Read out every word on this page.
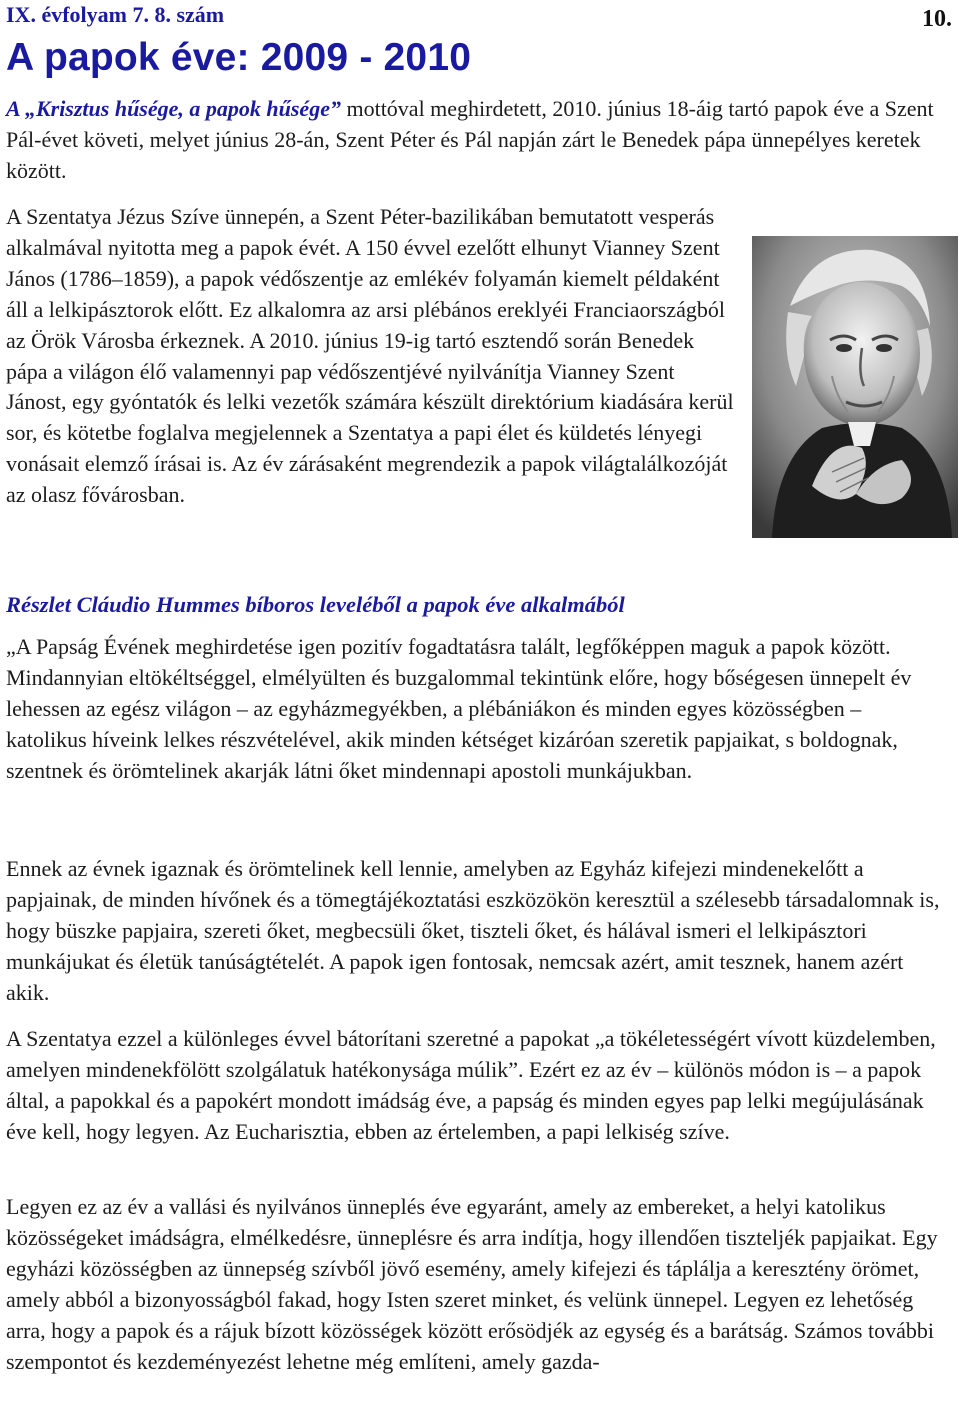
IX. évfolyam 7. 8. szám	10.
A papok éve: 2009 - 2010

A „Krisztus hűsége, a papok hűsége” mottóval meghirdetett, 2010. június 18-áig tartó papok éve a Szent Pál-évet követi, melyet június 28-án, Szent Péter és Pál napján zárt le Benedek pápa ünnepélyes keretek között.

A Szentatya Jézus Szíve ünnepén, a Szent Péter-bazilikában bemutatott vesperás alkalmával nyitotta meg a papok évét. A 150 évvel ezelőtt elhunyt Vianney Szent János (1786–1859), a papok védőszentje az emlékév folyamán kiemelt példaként áll a lelkipásztorok előtt. Ez alkalomra az arsi plébános ereklyéi Franciaországból az Örök Városba érkeznek. A 2010. június 19-ig tartó esztendő során Benedek pápa a világon élő valamennyi pap védőszentjévé nyilvánítja Vianney Szent Jánost, egy gyóntatók és lelki vezetők számára készült direktórium kiadására kerül sor, és kötetbe foglalva megjelennek a Szentatya a papi élet és küldetés lényegi vonásait elemző írásai is. Az év zárásaként megrendezik a papok világtalálkozóját az olasz fővárosban.

Részlet Cláudio Hummes bíboros leveléből a papok éve alkalmából

„A Papság Évének meghirdetése igen pozitív fogadtatásra talált, legfőképpen maguk a papok között. Mindannyian eltökéltséggel, elmélyülten és buzgalommal tekintünk előre, hogy bőségesen ünnepelt év lehessen az egész világon – az egyházmegyékben, a plébániákon és minden egyes közösségben – katolikus híveink lelkes részvételével, akik minden kétséget kizáróan szeretik papjaikat, s boldognak, szentnek és örömtelinek akarják látni őket mindennapi apostoli munkájukban.

Ennek az évnek igaznak és örömtelinek kell lennie, amelyben az Egyház kifejezi mindenekelőtt a papjainak, de minden hívőnek és a tömegtájékoztatási eszközökön keresztül a szélesebb társadalomnak is, hogy büszke papjaira, szereti őket, megbecsüli őket, tiszteli őket, és hálával ismeri el lelkipásztori munkájukat és életük tanúságtételét. A papok igen fontosak, nemcsak azért, amit tesznek, hanem azért akik.

A Szentatya ezzel a különleges évvel bátorítani szeretné a papokat „a tökéletességért vívott küzdelemben, amelyen mindenekfölött szolgálatuk hatékonysága múlik”. Ezért ez az év – különös módon is – a papok által, a papokkal és a papokért mondott imádság éve, a papság és minden egyes pap lelki megújulásának éve kell, hogy legyen. Az Eucharisztia, ebben az értelemben, a papi lelkiség szíve.

Legyen ez az év a vallási és nyilvános ünneplés éve egyaránt, amely az embereket, a helyi katolikus közösségeket imádságra, elmélkedésre, ünneplésre és arra indítja, hogy illendően tiszteljék papjaikat. Egy egyházi közösségben az ünnepség szívből jövő esemény, amely kifejezi és táplálja a keresztény örömet, amely abból a bizonyosságból fakad, hogy Isten szeret minket, és velünk ünnepel. Legyen ez lehetőség arra, hogy a papok és a rájuk bízott közösségek között erősödjék az egység és a barátság. Számos további szempontot és kezdeményezést lehetne még említeni, amely gazda-
